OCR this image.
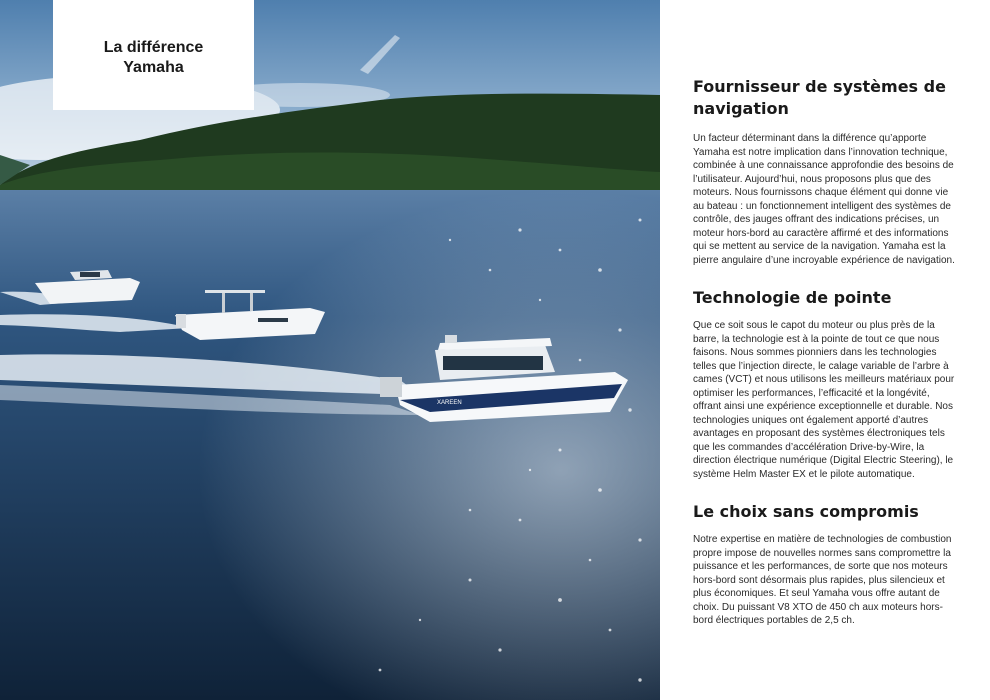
XAREEN
La différence
Yamaha
Fournisseur de systèmes de navigation

Un facteur déterminant dans la différence qu’apporte Yamaha est notre implication dans l’innovation technique, combinée à une connaissance approfondie des besoins de l’utilisateur. Aujourd’hui, nous proposons plus que des moteurs. Nous fournissons chaque élément qui donne vie au bateau : un fonctionnement intelligent des systèmes de contrôle, des jauges offrant des indications précises, un moteur hors-bord au caractère affirmé et des informations qui se mettent au service de la navigation. Yamaha est la pierre angulaire d’une incroyable expérience de navigation.

Technologie de pointe

Que ce soit sous le capot du moteur ou plus près de la barre, la technologie est à la pointe de tout ce que nous faisons. Nous sommes pionniers dans les technologies telles que l’injection directe, le calage variable de l’arbre à cames (VCT) et nous utilisons les meilleurs matériaux pour optimiser les performances, l’efficacité et la longévité, offrant ainsi une expérience exceptionnelle et durable. Nos technologies uniques ont également apporté d’autres avantages en proposant des systèmes électroniques tels que les commandes d’accélération Drive-by-Wire, la direction électrique numérique (Digital Electric Steering), le système Helm Master EX et le pilote automatique.

Le choix sans compromis

Notre expertise en matière de technologies de combustion propre impose de nouvelles normes sans compromettre la puissance et les performances, de sorte que nos moteurs hors-bord sont désormais plus rapides, plus silencieux et plus économiques. Et seul Yamaha vous offre autant de choix. Du puissant V8 XTO de 450 ch aux moteurs hors-bord électriques portables de 2,5 ch.
